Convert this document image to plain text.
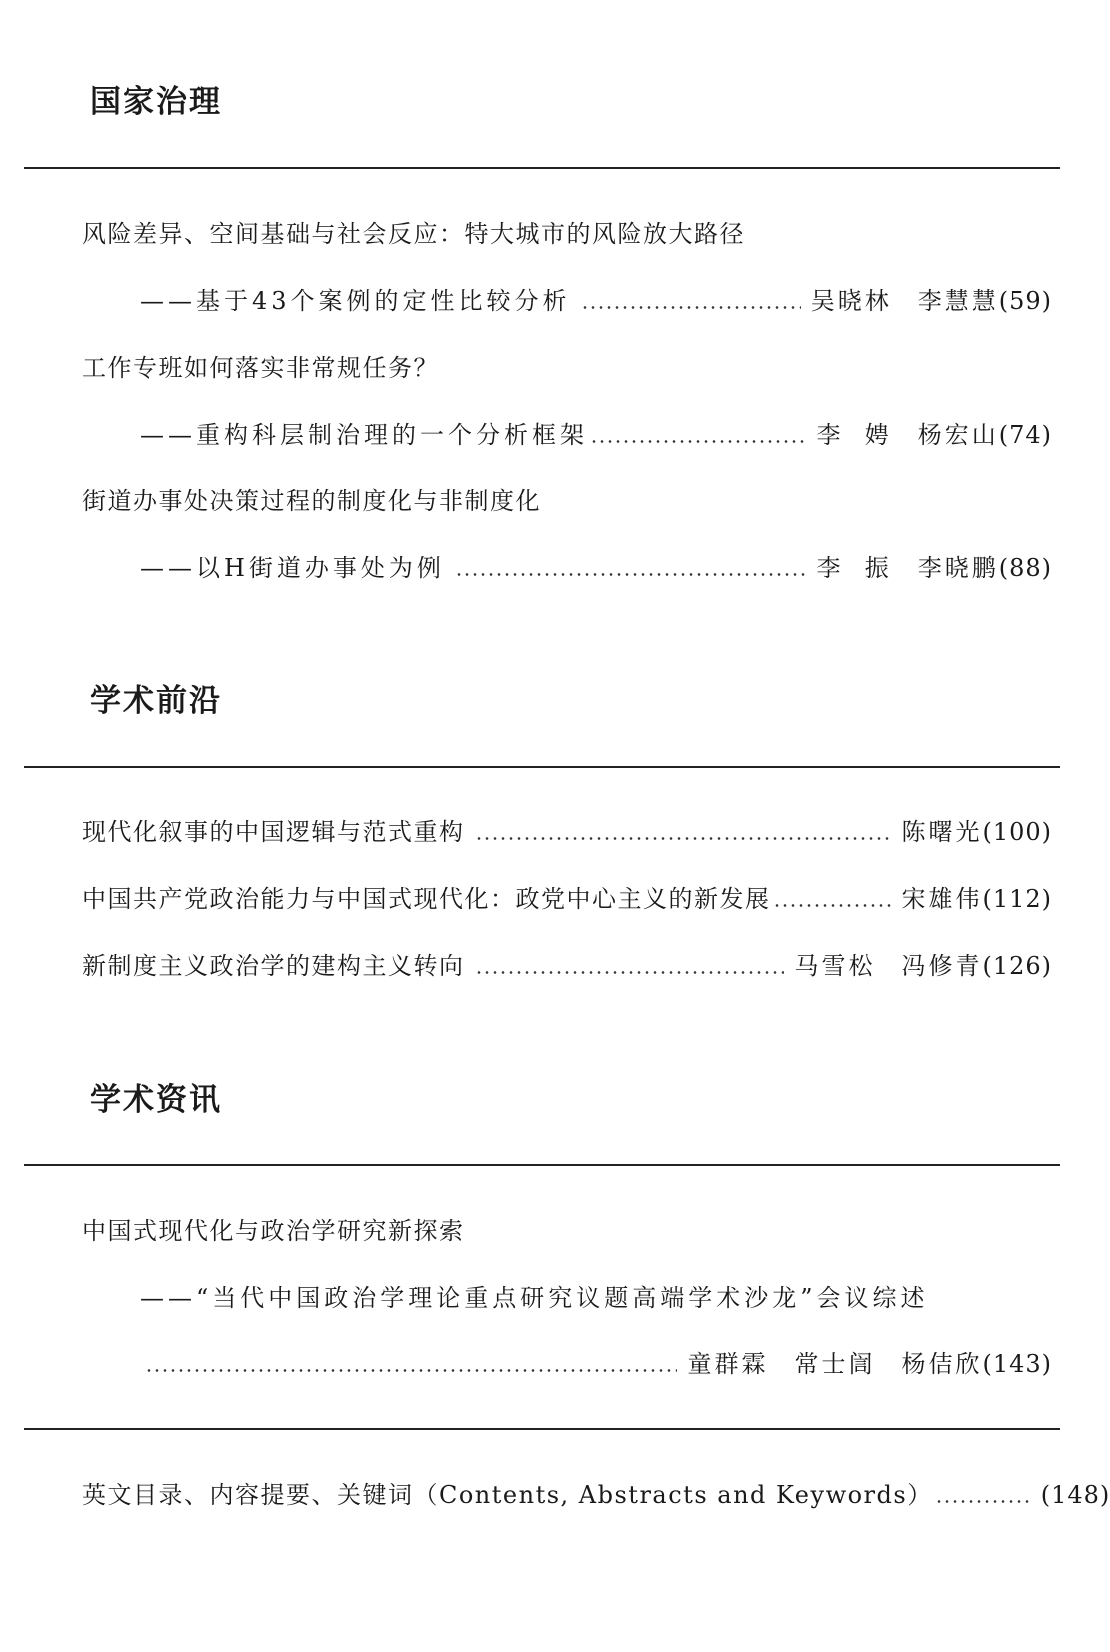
国家治理
风险差异、空间基础与社会反应：特大城市的风险放大路径
——基于43个案例的定性比较分析	吴晓林 李慧慧 (59)
工作专班如何落实非常规任务？
——重构科层制治理的一个分析框架	李  娉 杨宏山 (74)
街道办事处决策过程的制度化与非制度化
——以H街道办事处为例	李  振 李晓鹏 (88)
学术前沿
现代化叙事的中国逻辑与范式重构	陈曙光 (100)
中国共产党政治能力与中国式现代化：政党中心主义的新发展	宋雄伟 (112)
新制度主义政治学的建构主义转向	马雪松 冯修青 (126)
学术资讯
中国式现代化与政治学研究新探索
——“当代中国政治学理论重点研究议题高端学术沙龙”会议综述
童群霖 常士訚 杨佶欣 (143)
英文目录、内容提要、关键词（Contents, Abstracts and Keywords）	(148)
